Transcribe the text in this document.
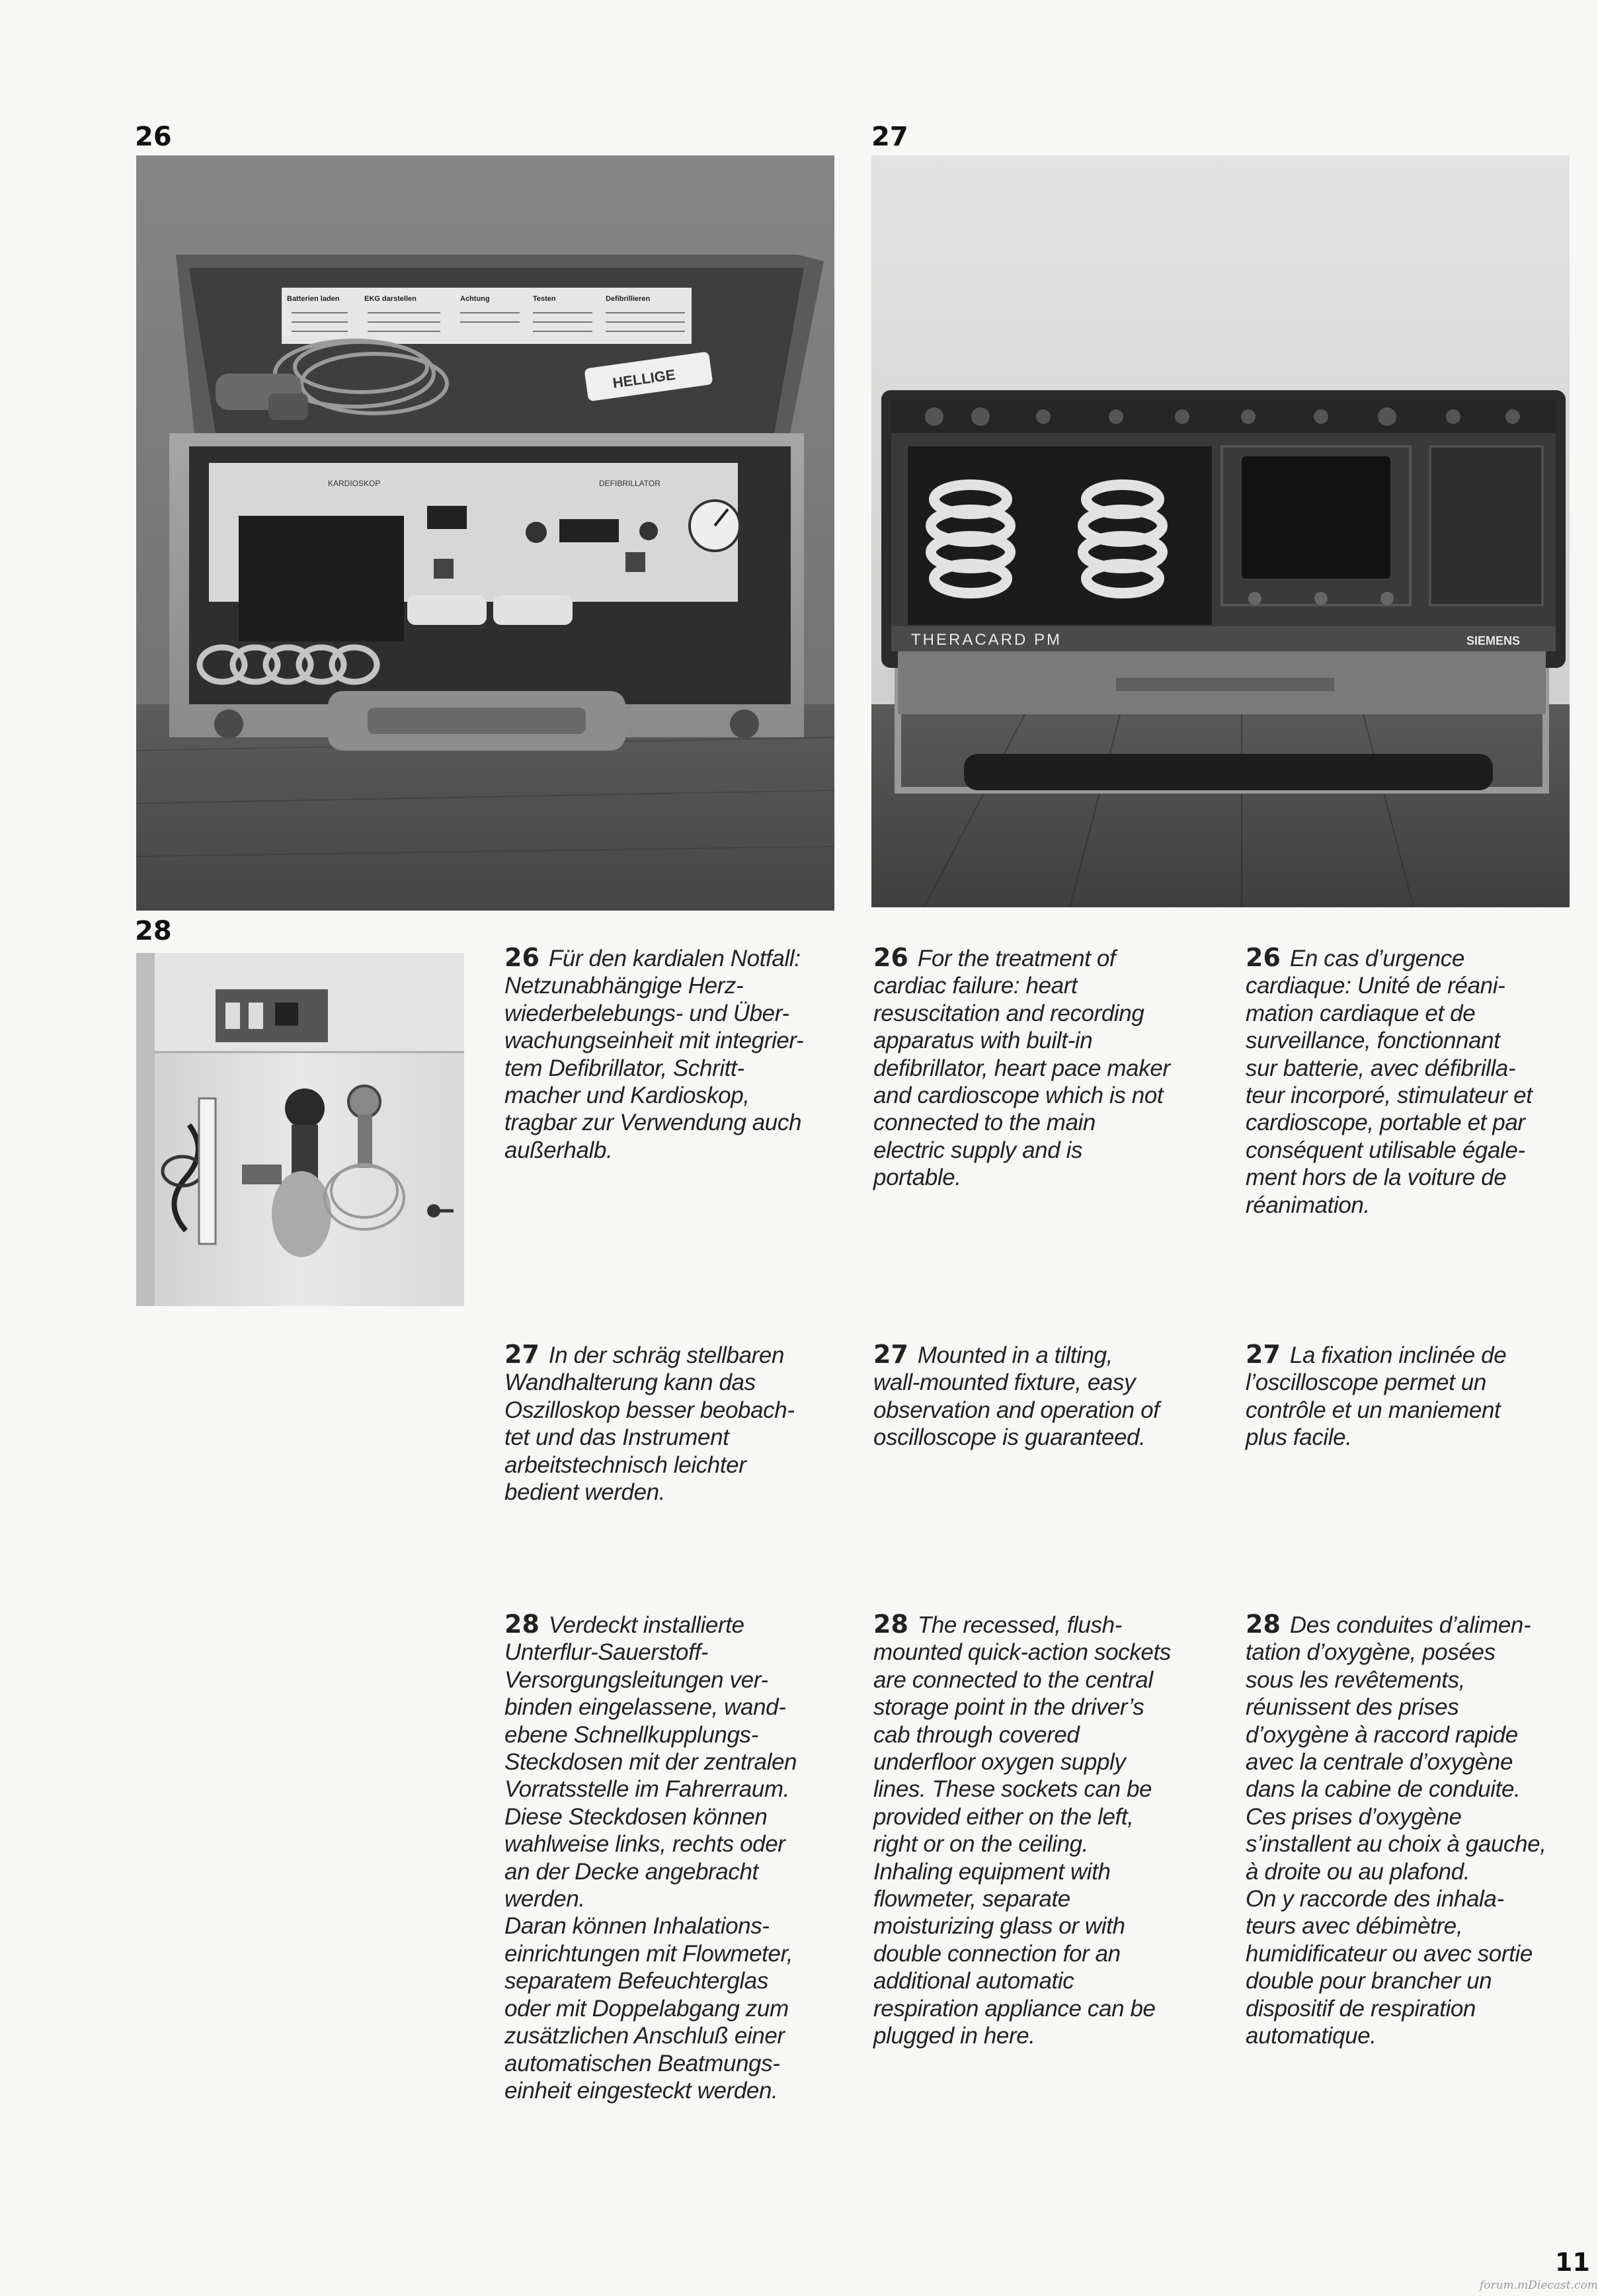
26	27
28
Batterien laden	EKG darstellen	Achtung	Testen	Defibrillieren
HELLIGE
KARDIOSKOP	DEFIBRILLATOR
THERACARD PM	SIEMENS
26 Für den kardialen Notfall:
Netzunabhängige Herz-
wiederbelebungs- und Über-
wachungseinheit mit integrier-
tem Defibrillator, Schritt-
macher und Kardioskop,
tragbar zur Verwendung auch
außerhalb.
26 For the treatment of
cardiac failure: heart
resuscitation and recording
apparatus with built-in
defibrillator, heart pace maker
and cardioscope which is not
connected to the main
electric supply and is
portable.
26 En cas d’urgence
cardiaque: Unité de réani-
mation cardiaque et de
surveillance, fonctionnant
sur batterie, avec défibrilla-
teur incorporé, stimulateur et
cardioscope, portable et par
conséquent utilisable égale-
ment hors de la voiture de
réanimation.
27 In der schräg stellbaren
Wandhalterung kann das
Oszilloskop besser beobach-
tet und das Instrument
arbeitstechnisch leichter
bedient werden.
27 Mounted in a tilting,
wall-mounted fixture, easy
observation and operation of
oscilloscope is guaranteed.
27 La fixation inclinée de
l’oscilloscope permet un
contrôle et un maniement
plus facile.
28 Verdeckt installierte
Unterflur-Sauerstoff-
Versorgungsleitungen ver-
binden eingelassene, wand-
ebene Schnellkupplungs-
Steckdosen mit der zentralen
Vorratsstelle im Fahrerraum.
Diese Steckdosen können
wahlweise links, rechts oder
an der Decke angebracht
werden.
Daran können Inhalations-
einrichtungen mit Flowmeter,
separatem Befeuchterglas
oder mit Doppelabgang zum
zusätzlichen Anschluß einer
automatischen Beatmungs-
einheit eingesteckt werden.
28 The recessed, flush-
mounted quick-action sockets
are connected to the central
storage point in the driver’s
cab through covered
underfloor oxygen supply
lines. These sockets can be
provided either on the left,
right or on the ceiling.
Inhaling equipment with
flowmeter, separate
moisturizing glass or with
double connection for an
additional automatic
respiration appliance can be
plugged in here.
28 Des conduites d’alimen-
tation d’oxygène, posées
sous les revêtements,
réunissent des prises
d’oxygène à raccord rapide
avec la centrale d’oxygène
dans la cabine de conduite.
Ces prises d’oxygène
s’installent au choix à gauche,
à droite ou au plafond.
On y raccorde des inhala-
teurs avec débimètre,
humidificateur ou avec sortie
double pour brancher un
dispositif de respiration
automatique.
11
forum.mDiecast.com
